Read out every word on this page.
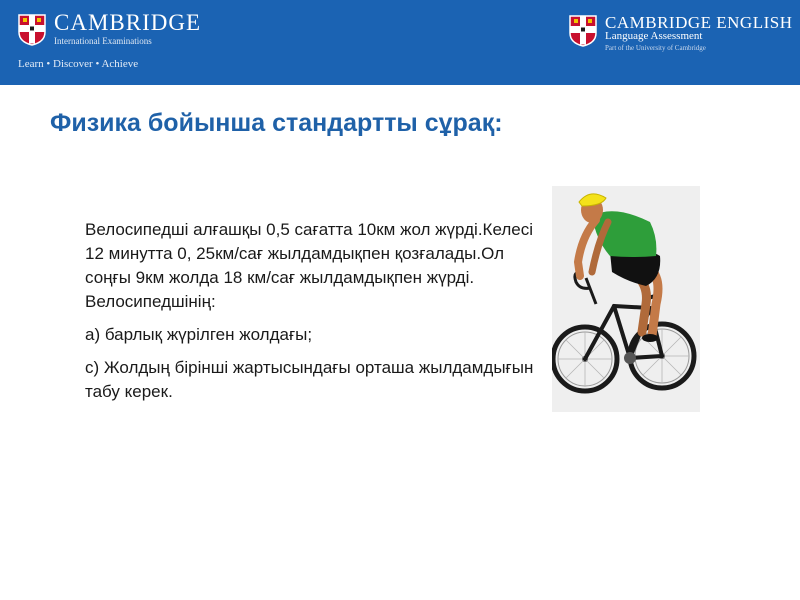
CAMBRIDGE
International Examinations
Learn • Discover • Achieve
CAMBRIDGE ENGLISH
Language Assessment
Part of the University of Cambridge
Физика бойынша стандартты сұрақ:

Велосипедші алғашқы 0,5 сағатта 10км жол жүрді.Келесі 12 минутта 0, 25км/сағ жылдамдықпен қозғалады.Ол соңғы 9км жолда 18 км/сағ жылдамдықпен жүрді. Велосипедшінің:

а) барлық жүрілген жолдағы;

с) Жолдың бірінші жартысындағы орташа жылдамдығын табу керек.
